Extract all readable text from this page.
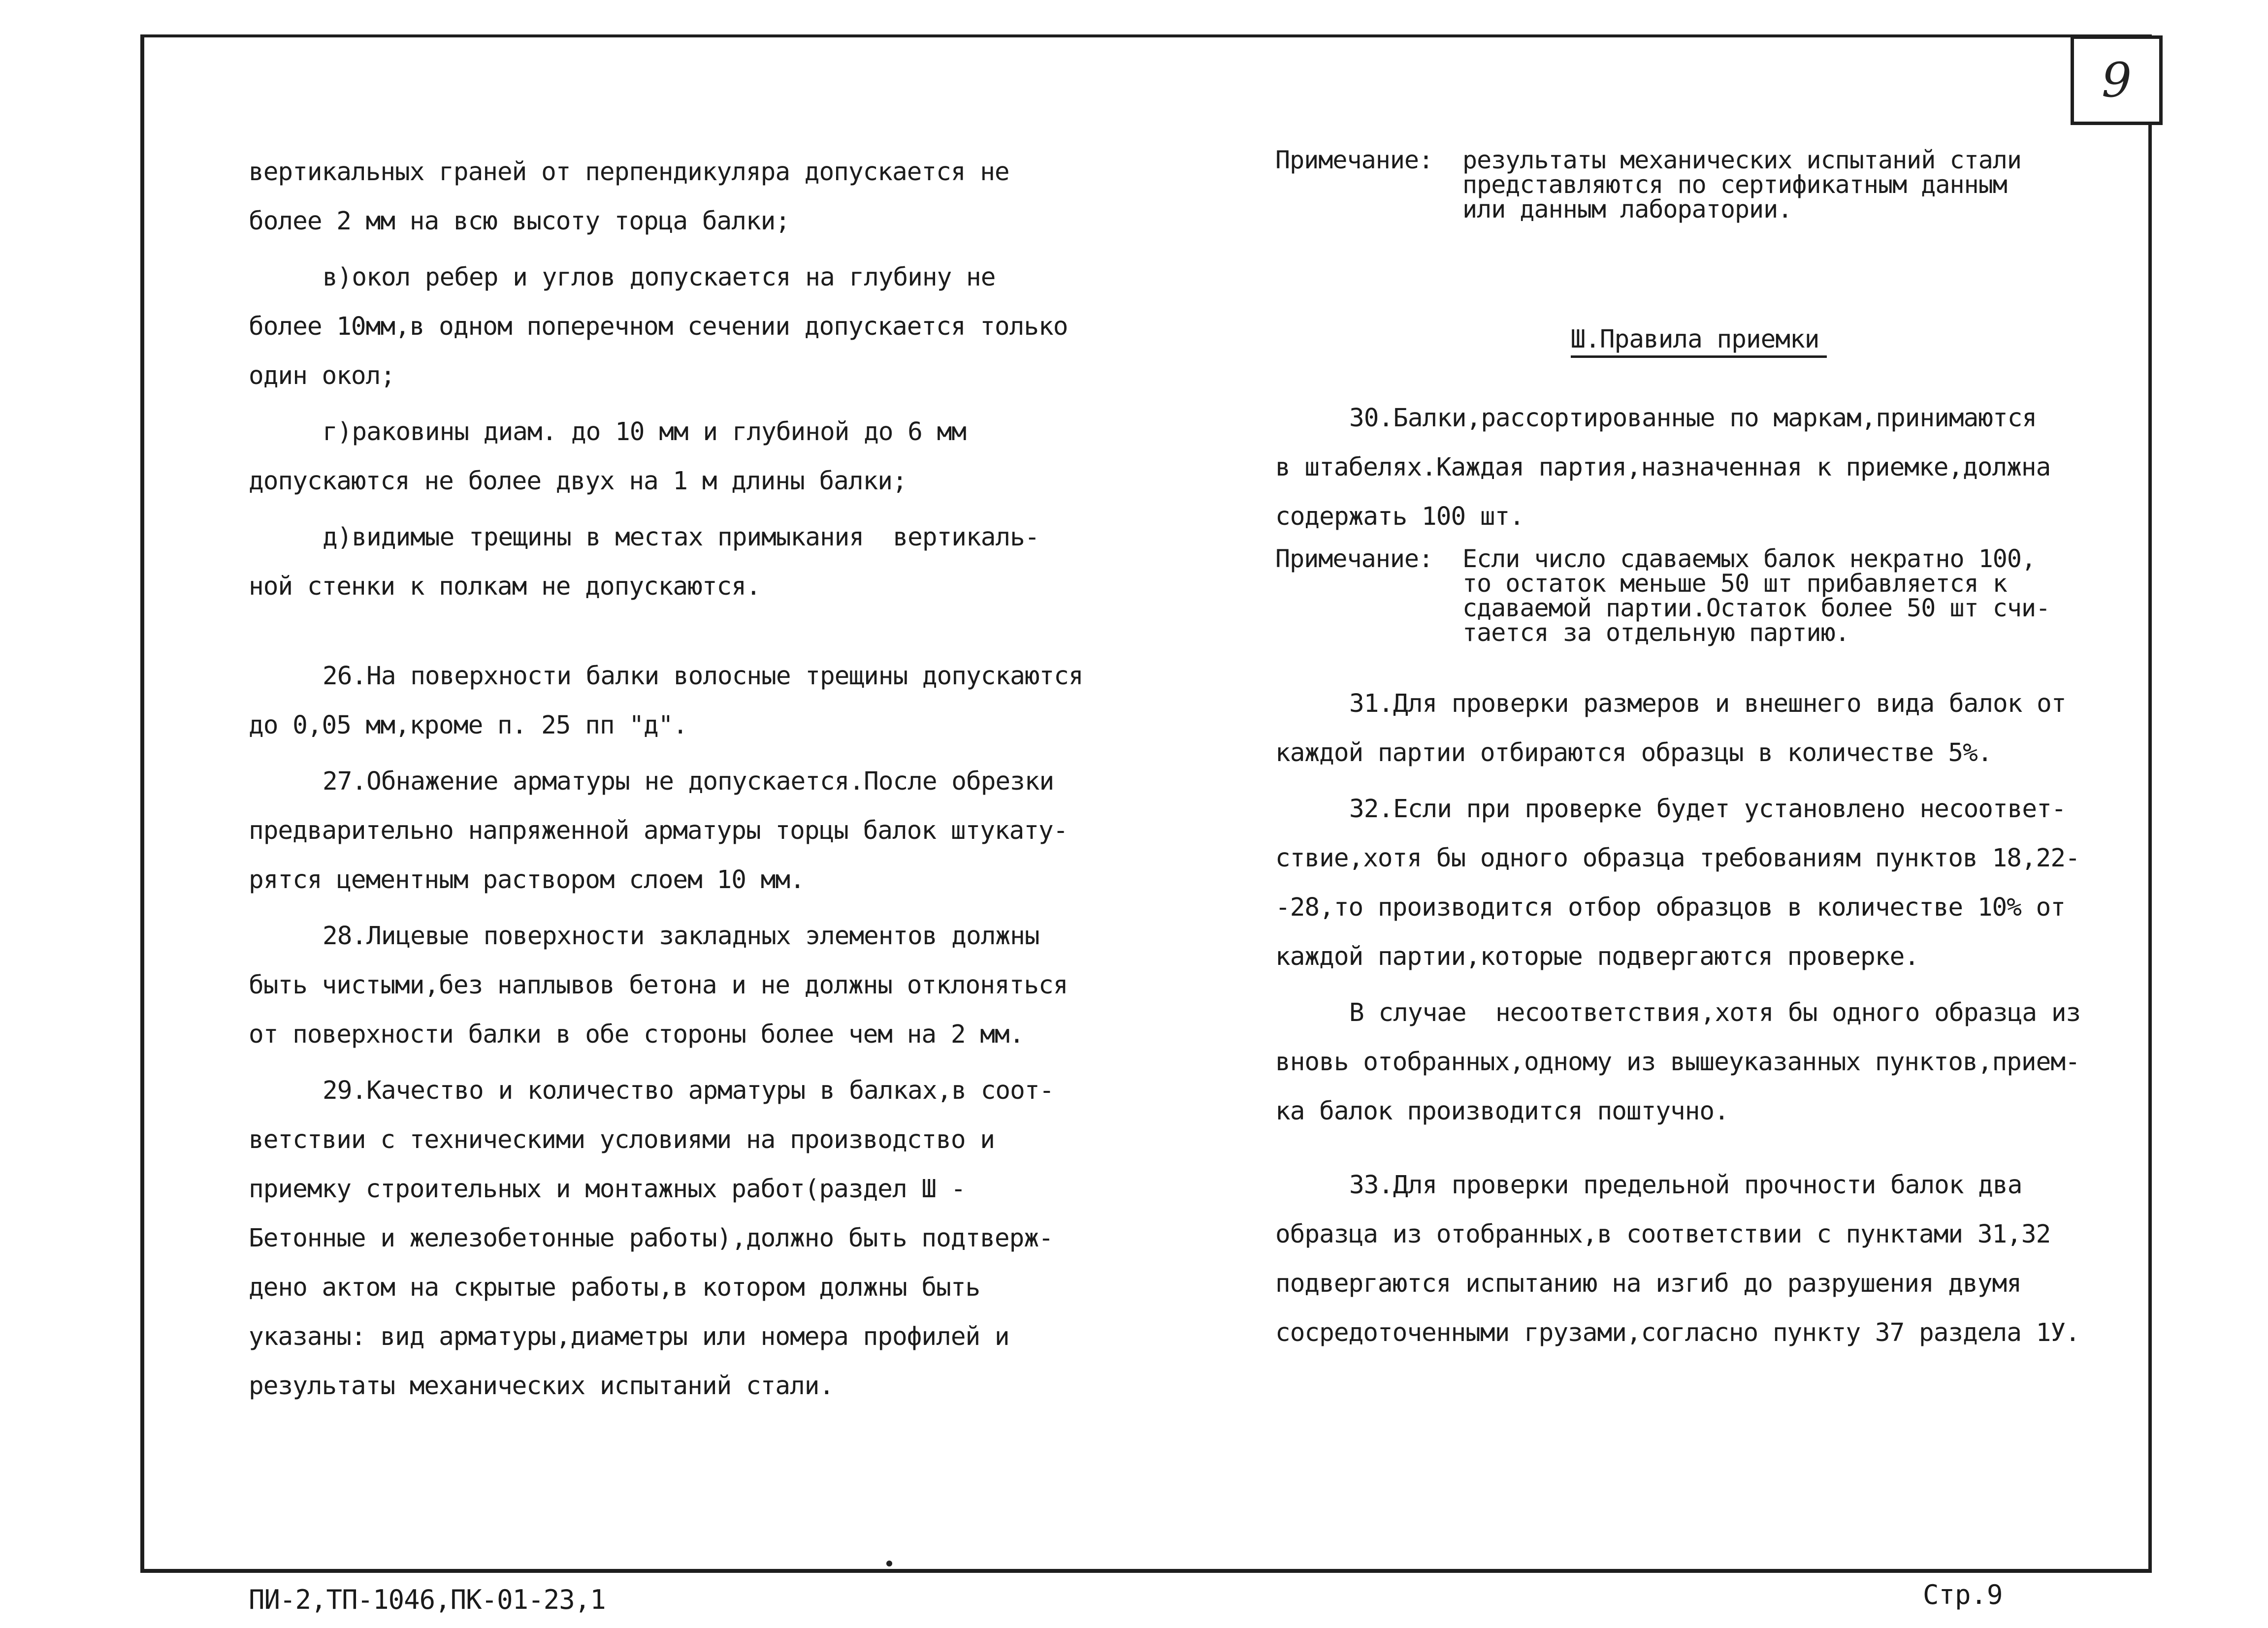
9
вертикальных граней от перпендикуляра допускается не
более 2 мм на всю высоту торца балки;
в)окол ребер и углов допускается на глубину не
более 10мм,в одном поперечном сечении допускается только
один окол;
г)раковины диам. до 10 мм и глубиной до 6 мм
допускаются не более двух на 1 м длины балки;
д)видимые трещины в местах примыкания  вертикаль-
ной стенки к полкам не допускаются.
26.На поверхности балки волосные трещины допускаются
до 0,05 мм,кроме п. 25 пп "д".
27.Обнажение арматуры не допускается.После обрезки
предварительно напряженной арматуры торцы балок штукату-
рятся цементным раствором слоем 10 мм.
28.Лицевые поверхности закладных элементов должны
быть чистыми,без наплывов бетона и не должны отклоняться
от поверхности балки в обе стороны более чем на 2 мм.
29.Качество и количество арматуры в балках,в соот-
ветствии с техническими условиями на производство и
приемку строительных и монтажных работ(раздел Ш -
Бетонные и железобетонные работы),должно быть подтверж-
дено актом на скрытые работы,в котором должны быть
указаны: вид арматуры,диаметры или номера профилей и
результаты механических испытаний стали.
Примечание:	результаты механических испытаний стали
представляются по сертификатным данным
или данным лаборатории.
Ш.Правила приемки
30.Балки,рассортированные по маркам,принимаются
в штабелях.Каждая партия,назначенная к приемке,должна
содержать 100 шт.
Примечание:	Если число сдаваемых балок некратно 100,
то остаток меньше 50 шт прибавляется к
сдаваемой партии.Остаток более 50 шт счи-
тается за отдельную партию.
31.Для проверки размеров и внешнего вида балок от
каждой партии отбираются образцы в количестве 5%.
32.Если при проверке будет установлено несоответ-
ствие,хотя бы одного образца требованиям пунктов 18,22-
-28,то производится отбор образцов в количестве 10% от
каждой партии,которые подвергаются проверке.
В случае  несоответствия,хотя бы одного образца из
вновь отобранных,одному из вышеуказанных пунктов,прием-
ка балок производится поштучно.
33.Для проверки предельной прочности балок два
образца из отобранных,в соответствии с пунктами 31,32
подвергаются испытанию на изгиб до разрушения двумя
сосредоточенными грузами,согласно пункту 37 раздела 1У.
ПИ-2,ТП-1046,ПК-01-23,1	Стр.9
